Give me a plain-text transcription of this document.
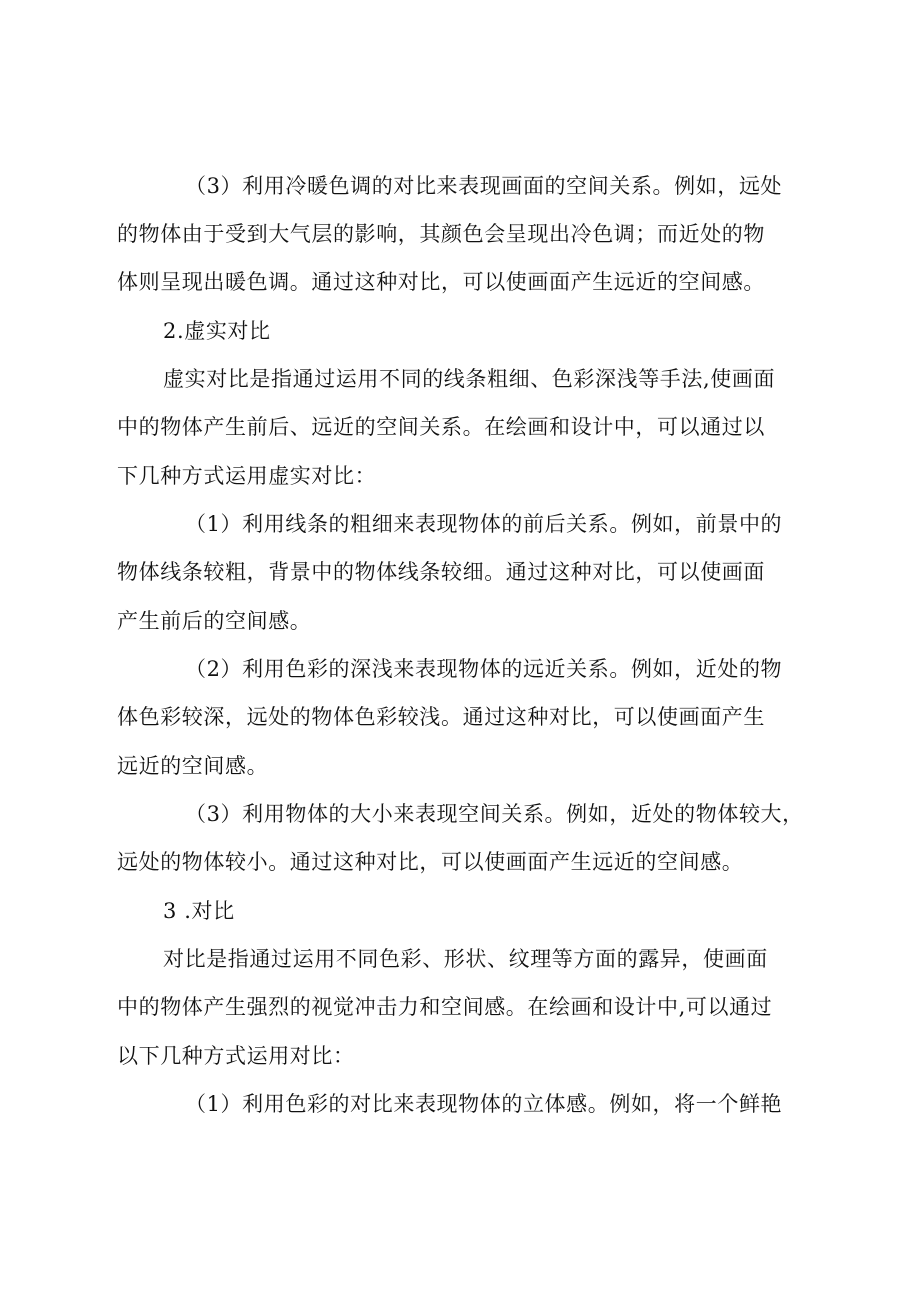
（3）利用冷暖色调的对比来表现画面的空间关系。例如，远处
的物体由于受到大气层的影响，其颜色会呈现出冷色调；而近处的物
体则呈现出暖色调。通过这种对比，可以使画面产生远近的空间感。
2.虚实对比
虚实对比是指通过运用不同的线条粗细、色彩深浅等手法,使画面
中的物体产生前后、远近的空间关系。在绘画和设计中，可以通过以
下几种方式运用虚实对比：
（1）利用线条的粗细来表现物体的前后关系。例如，前景中的
物体线条较粗，背景中的物体线条较细。通过这种对比，可以使画面
产生前后的空间感。
（2）利用色彩的深浅来表现物体的远近关系。例如，近处的物
体色彩较深，远处的物体色彩较浅。通过这种对比，可以使画面产生
远近的空间感。
（3）利用物体的大小来表现空间关系。例如，近处的物体较大，
远处的物体较小。通过这种对比，可以使画面产生远近的空间感。
3 .对比
对比是指通过运用不同色彩、形状、纹理等方面的露异，使画面
中的物体产生强烈的视觉冲击力和空间感。在绘画和设计中,可以通过
以下几种方式运用对比：
（1）利用色彩的对比来表现物体的立体感。例如，将一个鲜艳
